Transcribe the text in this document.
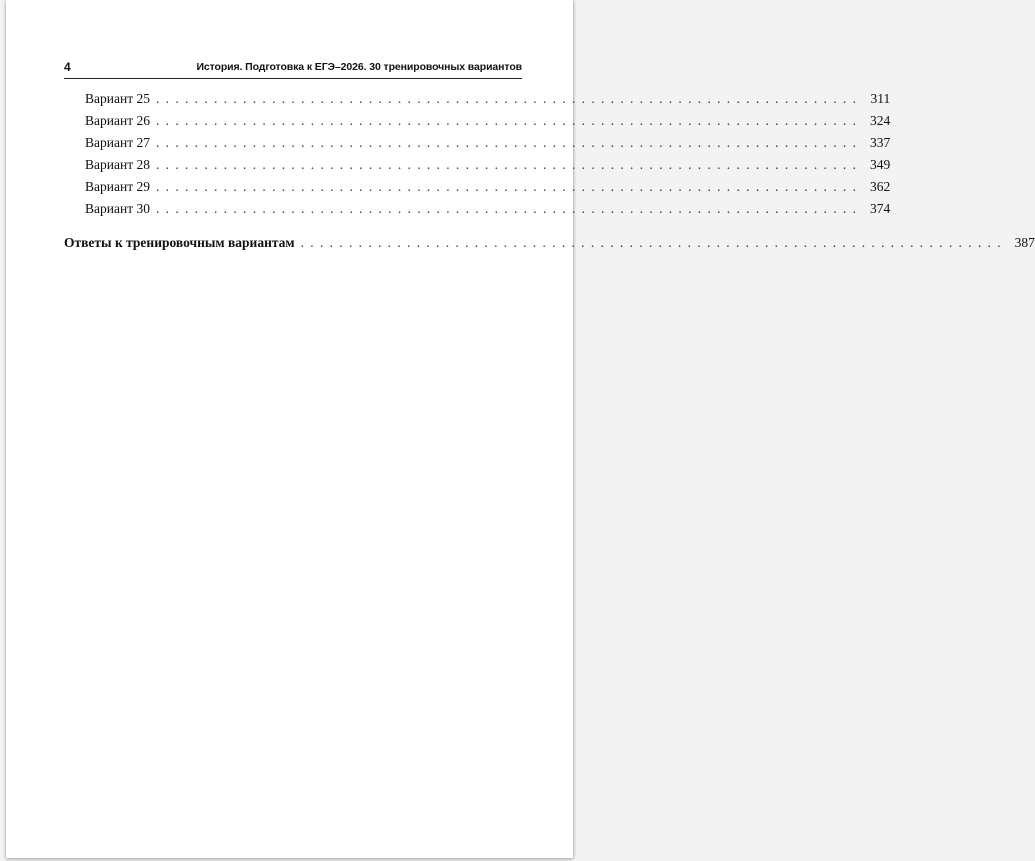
4	История. Подготовка к ЕГЭ–2026. 30 тренировочных вариантов
Вариант 25 ......................................................................... 311
Вариант 26 ......................................................................... 324
Вариант 27 ......................................................................... 337
Вариант 28 ......................................................................... 349
Вариант 29 ......................................................................... 362
Вариант 30 ......................................................................... 374
Ответы к тренировочным вариантам ......................................................................... 387
